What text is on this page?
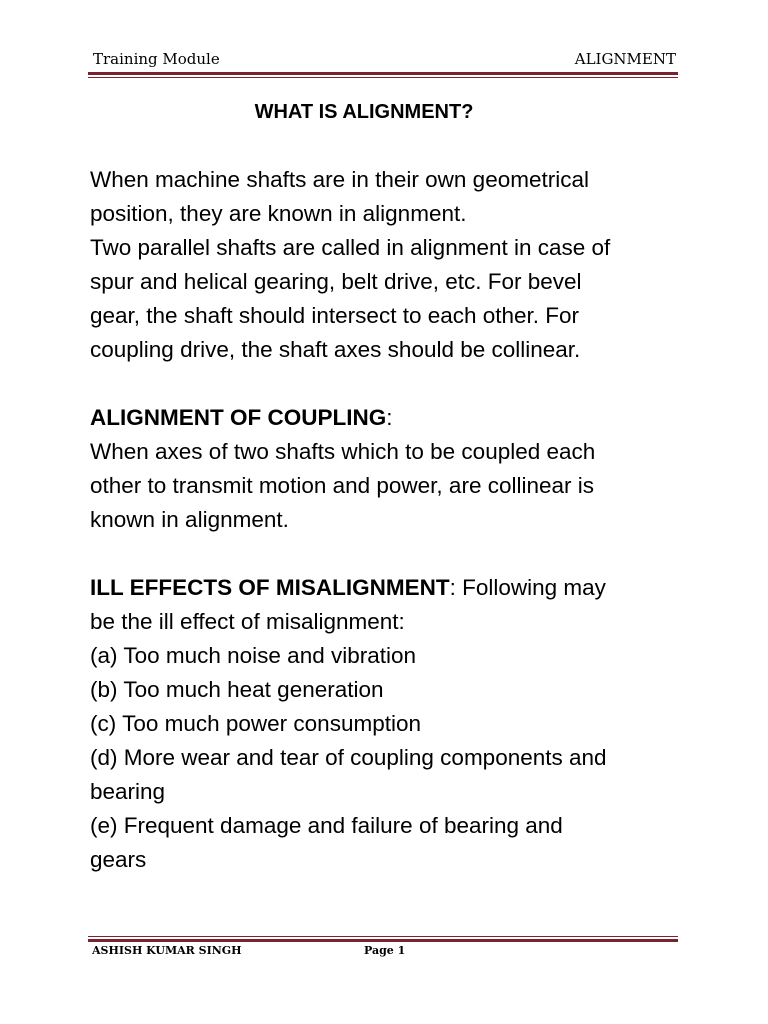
Training Module	ALIGNMENT
WHAT IS ALIGNMENT?

When machine shafts are in their own geometrical

position, they are known in alignment.

Two parallel shafts are called in alignment in case of

spur and helical gearing, belt drive, etc. For bevel

gear, the shaft should intersect to each other. For

coupling drive, the shaft axes should be collinear.

ALIGNMENT OF COUPLING:

When axes of two shafts which to be coupled each

other to transmit motion and power, are collinear is

known in alignment.

ILL EFFECTS OF MISALIGNMENT: Following may

be the ill effect of misalignment:

(a) Too much noise and vibration

(b) Too much heat generation

(c) Too much power consumption

(d) More wear and tear of coupling components and

bearing

(e) Frequent damage and failure of bearing and

gears

ASHISH KUMAR SINGH	Page 1
